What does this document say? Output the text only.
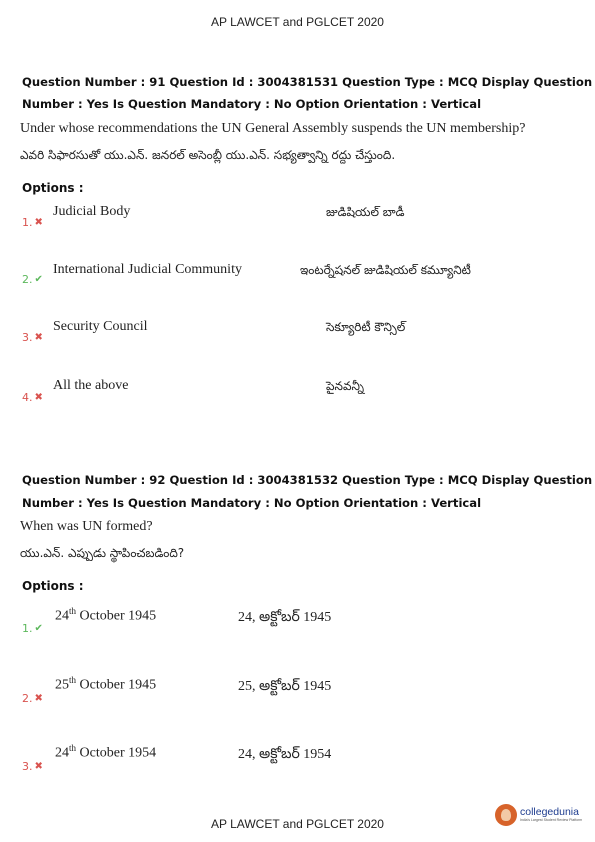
AP LAWCET and PGLCET 2020
Question Number : 91 Question Id : 3004381531 Question Type : MCQ Display Question
Number : Yes Is Question Mandatory : No Option Orientation : Vertical
Under whose recommendations the UN General Assembly suspends the UN membership?
ఎవరి సిఫారసుతో యు.ఎన్. జనరల్ అసెంబ్లీ యు.ఎన్. సభ్యత్వాన్ని రద్దు చేస్తుంది.
Options :
1. ✖
Judicial Body	జుడిషియల్ బాడీ
2. ✔
International Judicial Community	ఇంటర్నేషనల్ జుడిషియల్ కమ్యూనిటీ
3. ✖
Security Council	సెక్యూరిటీ కౌన్సిల్
4. ✖
All the above	పైనవన్నీ
Question Number : 92 Question Id : 3004381532 Question Type : MCQ Display Question
Number : Yes Is Question Mandatory : No Option Orientation : Vertical
When was UN formed?
యు.ఎన్. ఎప్పుడు స్థాపించబడింది?
Options :
1. ✔
24th October 1945	24, అక్టోబర్ 1945
2. ✖
25th October 1945	25, అక్టోబర్ 1945
3. ✖
24th October 1954	24, అక్టోబర్ 1954
AP LAWCET and PGLCET 2020
collegedunia
India's Largest Student Review Platform
